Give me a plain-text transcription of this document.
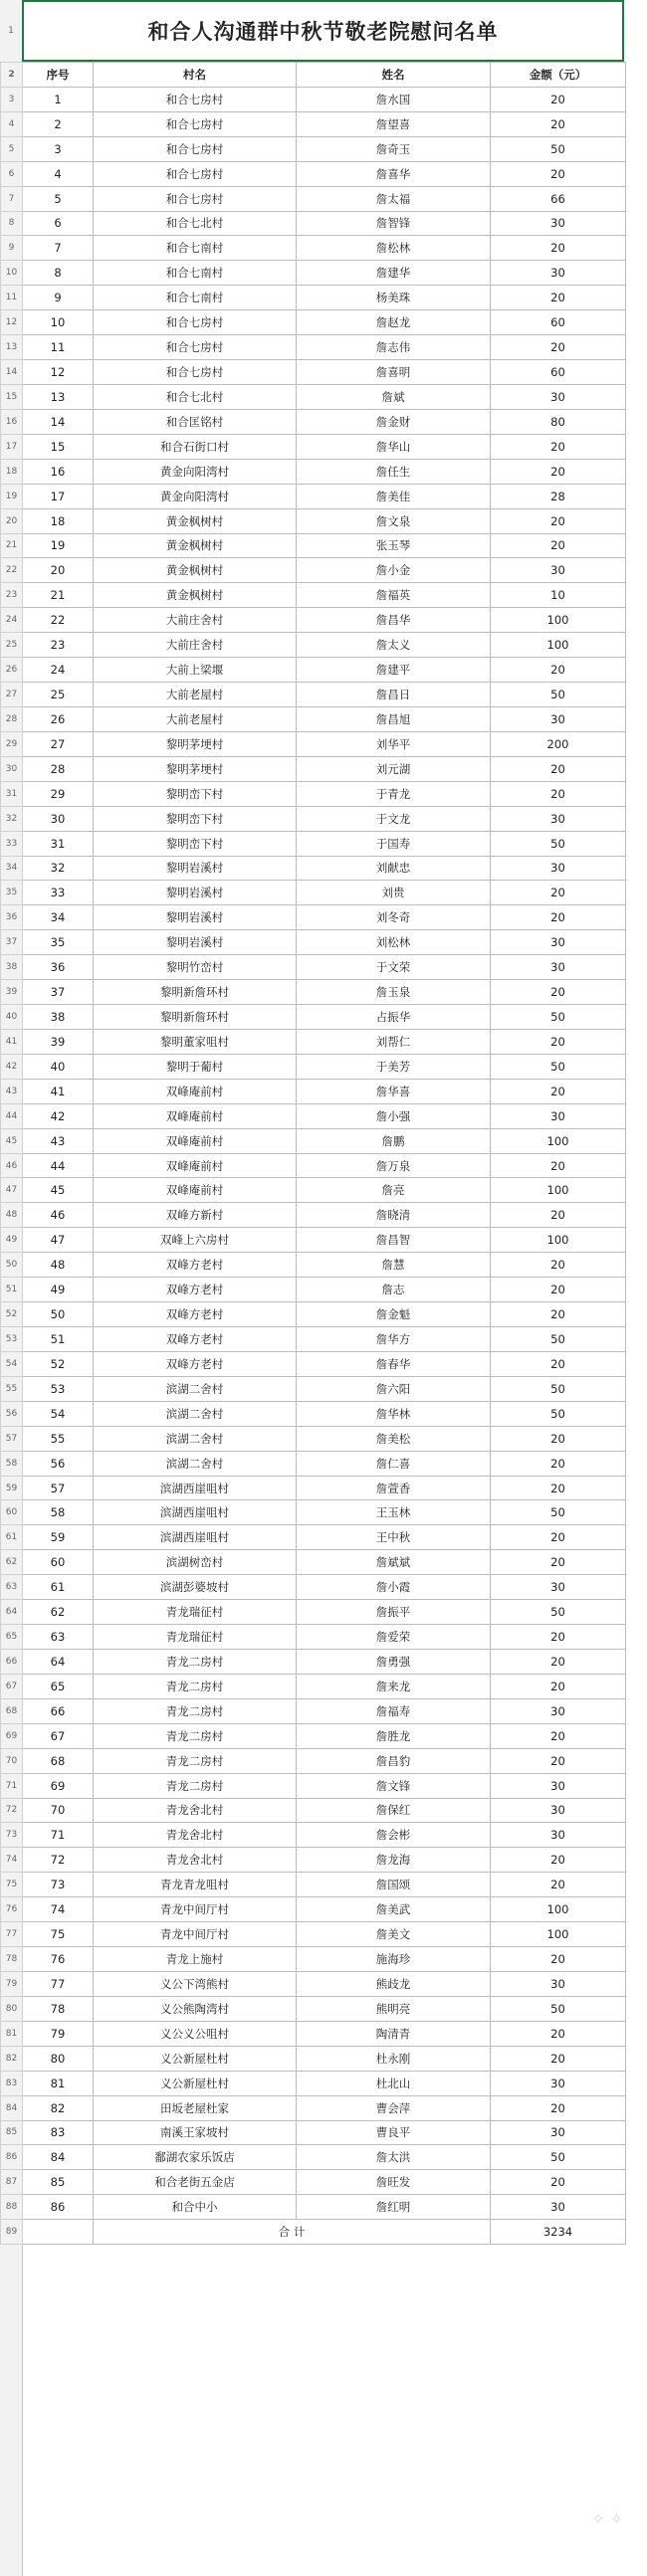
1	和合人沟通群中秋节敬老院慰问名单
2	序号	村名	姓名	金额（元）
3	1	和合七房村	詹水国	20
4	2	和合七房村	詹望喜	20
5	3	和合七房村	詹奇玉	50
6	4	和合七房村	詹喜华	20
7	5	和合七房村	詹太福	66
8	6	和合七北村	詹智锋	30
9	7	和合七南村	詹松林	20
10	8	和合七南村	詹建华	30
11	9	和合七南村	杨美珠	20
12	10	和合七房村	詹赵龙	60
13	11	和合七房村	詹志伟	20
14	12	和合七房村	詹喜明	60
15	13	和合七北村	詹斌	30
16	14	和合匡铭村	詹金财	80
17	15	和合石街口村	詹华山	20
18	16	黄金向阳湾村	詹任生	20
19	17	黄金向阳湾村	詹美佳	28
20	18	黄金枫树村	詹文泉	20
21	19	黄金枫树村	张玉琴	20
22	20	黄金枫树村	詹小金	30
23	21	黄金枫树村	詹福英	10
24	22	大前庄舍村	詹昌华	100
25	23	大前庄舍村	詹太义	100
26	24	大前上梁堰	詹建平	20
27	25	大前老屋村	詹昌日	50
28	26	大前老屋村	詹昌旭	30
29	27	黎明茅埂村	刘华平	200
30	28	黎明茅埂村	刘元湖	20
31	29	黎明峦下村	于青龙	20
32	30	黎明峦下村	于文龙	30
33	31	黎明峦下村	于国寿	50
34	32	黎明岩溪村	刘献忠	30
35	33	黎明岩溪村	刘贵	20
36	34	黎明岩溪村	刘冬奇	20
37	35	黎明岩溪村	刘松林	30
38	36	黎明竹峦村	于文荣	30
39	37	黎明新詹环村	詹玉泉	20
40	38	黎明新詹环村	占振华	50
41	39	黎明董家咀村	刘帮仁	20
42	40	黎明于葡村	于美芳	50
43	41	双峰庵前村	詹华喜	20
44	42	双峰庵前村	詹小强	30
45	43	双峰庵前村	詹鹏	100
46	44	双峰庵前村	詹万泉	20
47	45	双峰庵前村	詹亮	100
48	46	双峰方新村	詹晓清	20
49	47	双峰上六房村	詹昌智	100
50	48	双峰方老村	詹慧	20
51	49	双峰方老村	詹志	20
52	50	双峰方老村	詹金魁	20
53	51	双峰方老村	詹华方	50
54	52	双峰方老村	詹春华	20
55	53	滨湖二舍村	詹六阳	50
56	54	滨湖二舍村	詹华林	50
57	55	滨湖二舍村	詹美松	20
58	56	滨湖二舍村	詹仁喜	20
59	57	滨湖西崖咀村	詹萱香	20
60	58	滨湖西崖咀村	王玉林	50
61	59	滨湖西崖咀村	王中秋	20
62	60	滨湖树峦村	詹斌斌	20
63	61	滨湖彭婆坡村	詹小霞	30
64	62	青龙瑞征村	詹振平	50
65	63	青龙瑞征村	詹爱荣	20
66	64	青龙二房村	詹勇强	20
67	65	青龙二房村	詹来龙	20
68	66	青龙二房村	詹福寿	30
69	67	青龙二房村	詹胜龙	20
70	68	青龙二房村	詹昌豹	20
71	69	青龙二房村	詹文锋	30
72	70	青龙舍北村	詹保红	30
73	71	青龙舍北村	詹会彬	30
74	72	青龙舍北村	詹龙海	20
75	73	青龙青龙咀村	詹国颂	20
76	74	青龙中间厅村	詹美武	100
77	75	青龙中间厅村	詹美文	100
78	76	青龙上施村	施海珍	20
79	77	义公下湾熊村	熊歧龙	30
80	78	义公熊陶湾村	熊明亮	50
81	79	义公义公咀村	陶清青	20
82	80	义公新屋杜村	杜永刚	20
83	81	义公新屋杜村	杜北山	30
84	82	田坂老屋杜家	曹会萍	20
85	83	南溪王家坡村	曹良平	30
86	84	鄱湖农家乐饭店	詹太洪	50
87	85	和合老街五金店	詹旺发	20
88	86	和合中小	詹红明	30
89		合 计		3234
✧ ✧
